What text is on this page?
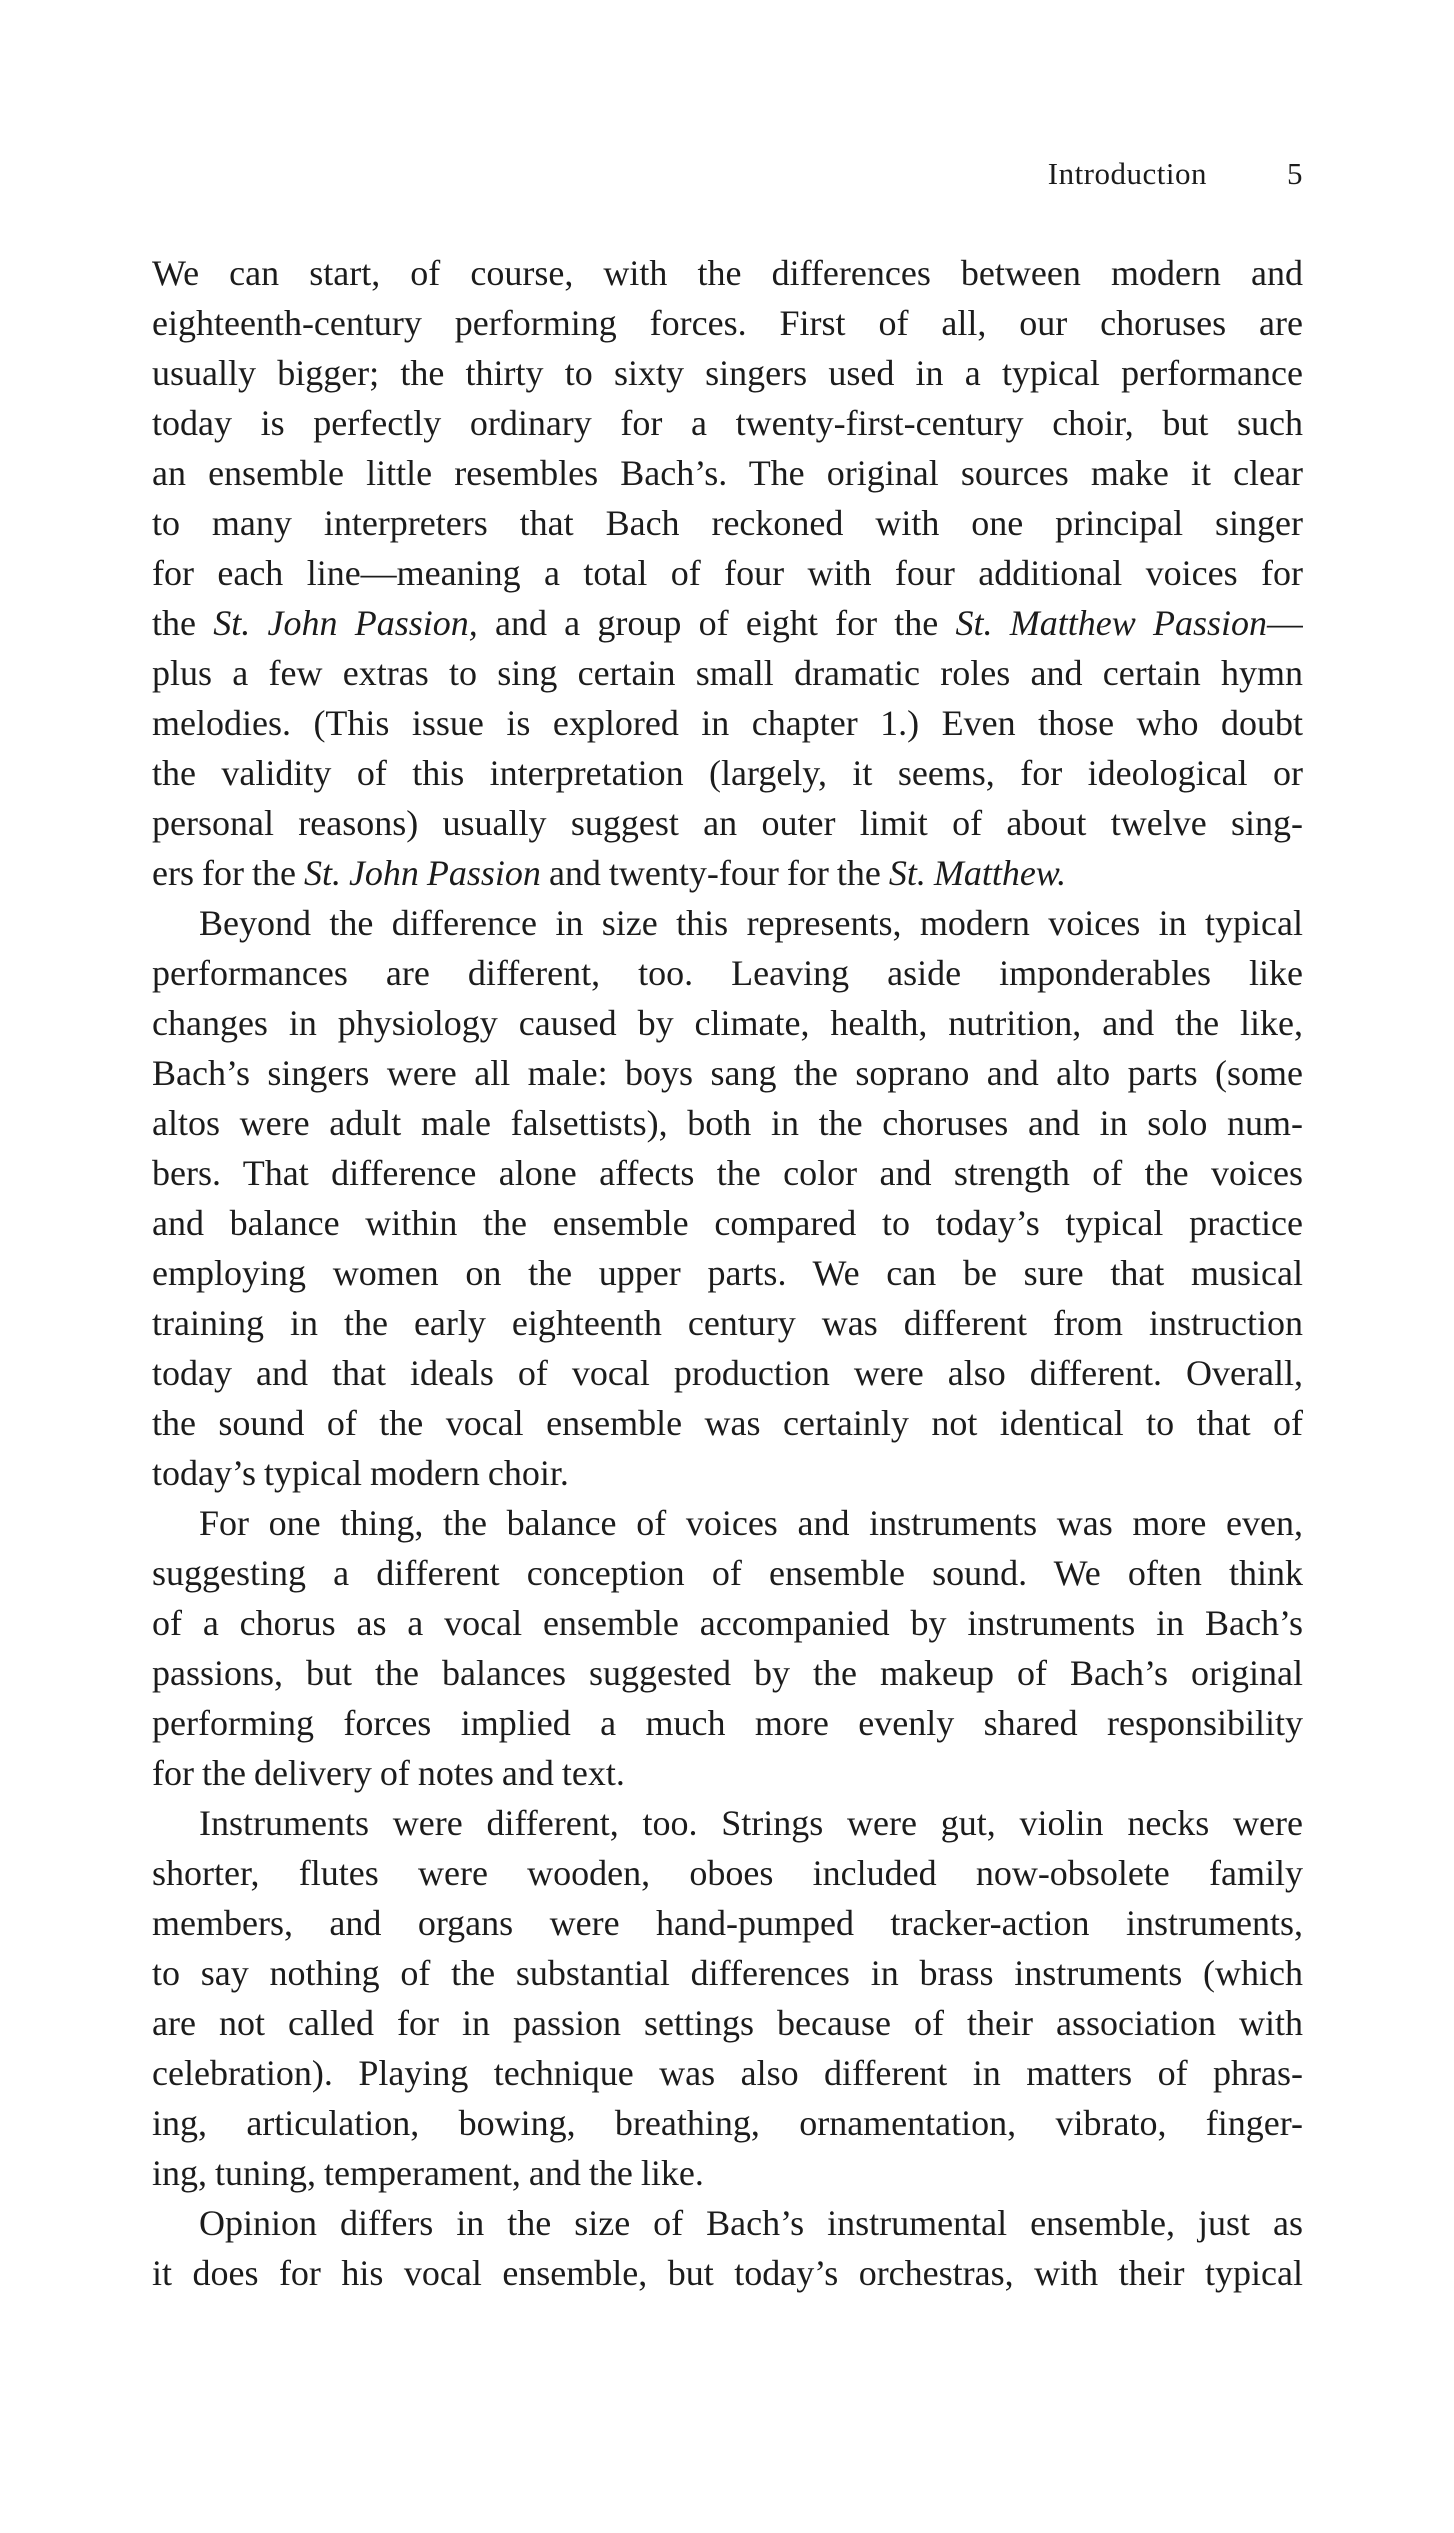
Introduction	5
We can start, of course, with the differences between modern and
eighteenth-century performing forces. First of all, our choruses are
usually bigger; the thirty to sixty singers used in a typical performance
today is perfectly ordinary for a twenty-first-century choir, but such
an ensemble little resembles Bach’s. The original sources make it clear
to many interpreters that Bach reckoned with one principal singer
for each line—meaning a total of four with four additional voices for
the St. John Passion, and a group of eight for the St. Matthew Passion—
plus a few extras to sing certain small dramatic roles and certain hymn
melodies. (This issue is explored in chapter 1.) Even those who doubt
the validity of this interpretation (largely, it seems, for ideological or
personal reasons) usually suggest an outer limit of about twelve sing-
ers for the St. John Passion and twenty-four for the St. Matthew.
Beyond the difference in size this represents, modern voices in typical
performances are different, too. Leaving aside imponderables like
changes in physiology caused by climate, health, nutrition, and the like,
Bach’s singers were all male: boys sang the soprano and alto parts (some
altos were adult male falsettists), both in the choruses and in solo num-
bers. That difference alone affects the color and strength of the voices
and balance within the ensemble compared to today’s typical practice
employing women on the upper parts. We can be sure that musical
training in the early eighteenth century was different from instruction
today and that ideals of vocal production were also different. Overall,
the sound of the vocal ensemble was certainly not identical to that of
today’s typical modern choir.
For one thing, the balance of voices and instruments was more even,
suggesting a different conception of ensemble sound. We often think
of a chorus as a vocal ensemble accompanied by instruments in Bach’s
passions, but the balances suggested by the makeup of Bach’s original
performing forces implied a much more evenly shared responsibility
for the delivery of notes and text.
Instruments were different, too. Strings were gut, violin necks were
shorter, flutes were wooden, oboes included now-obsolete family
members, and organs were hand-pumped tracker-action instruments,
to say nothing of the substantial differences in brass instruments (which
are not called for in passion settings because of their association with
celebration). Playing technique was also different in matters of phras-
ing, articulation, bowing, breathing, ornamentation, vibrato, finger-
ing, tuning, temperament, and the like.
Opinion differs in the size of Bach’s instrumental ensemble, just as
it does for his vocal ensemble, but today’s orchestras, with their typical
